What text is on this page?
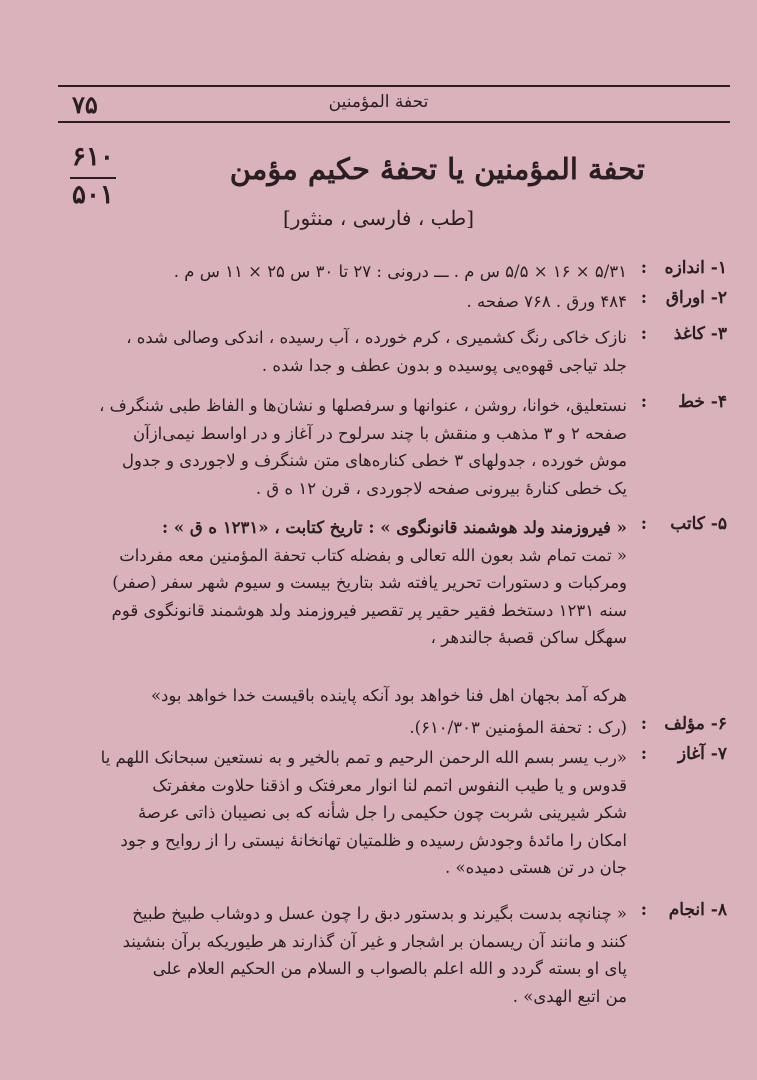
۷۵	تحفة المؤمنین
۶۱۰
۵۰۱
تحفة المؤمنین یا تحفهٔ حکیم مؤمن
[طب ، فارسی ، منثور]
۱- اندازه
:
۵/۳۱ × ۱۶ × ۵/۵ س م . ـــ درونی : ۲۷ تا ۳۰ س ۲۵ × ۱۱ س م .
۲- اوراق
:
۴۸۴ ورق . ۷۶۸ صفحه .
۳- کاغذ
:
نازک خاکی رنگ کشمیری ، کرم خورده ، آب رسیده ، اندکی وصالی شده ،
جلد تیاجی قهوه‌یی پوسیده و بدون عطف و جدا شده .
۴- خط
:
نستعلیق، خوانا، روشن ، عنوانها و سرفصلها و نشان‌ها و الفاظ طبی شنگرف ،
صفحه ۲ و ۳ مذهب و منقش با چند سرلوح در آغاز و در اواسط نیمی‌ازآن
موش خورده ، جدولهای ۳ خطی کناره‌های متن شنگرف و لاجوردی و جدول
یک خطی کنارهٔ بیرونی صفحه لاجوردی ، قرن ۱۲ ه ق .
۵- کاتب
:
« فیروزمند ولد هوشمند قانونگوی » : تاریخ کتابت ، «۱۲۳۱ ه ق » :
« تمت تمام شد بعون الله تعالی و بفضله کتاب تحفة المؤمنین معه مفردات
ومرکبات و دستورات تحریر یافته شد بتاریخ بیست و سیوم شهر سفر (صفر)
سنه ۱۲۳۱ دستخط فقیر حقیر پر تقصیر فیروزمند ولد هوشمند قانونگوی قوم
سهگل ساکن قصبهٔ جالندهر ،
هرکه آمد بجهان اهل فنا خواهد بود آنکه پاینده باقیست خدا خواهد بود»
۶- مؤلف
:
(رک : تحفة المؤمنین ۶۱۰/۳۰۳).
۷- آغاز
:
«رب یسر بسم الله الرحمن الرحیم و تمم بالخیر و به نستعین سبحانک اللهم یا
قدوس و یا طیب النفوس اتمم لنا انوار معرفتک و اذقنا حلاوت مغفرتک
شکر شیرینی شربت چون حکیمی را جل شأنه که بی نصیبان ذاتی عرصهٔ
امکان را مائدهٔ وجودش رسیده و ظلمتیان تهانخانهٔ نیستی را از روایح و جود
جان در تن هستی دمیده» .
۸- انجام
:
« چنانچه بدست بگیرند و بدستور دبق را چون عسل و دوشاب طبیخ طبیخ
کنند و مانند آن ریسمان بر اشجار و غیر آن گذارند هر طیوریکه برآن بنشیند
پای او بسته گردد و الله اعلم بالصواب و السلام من الحکیم العلام علی
من اتبع الهدی» .
